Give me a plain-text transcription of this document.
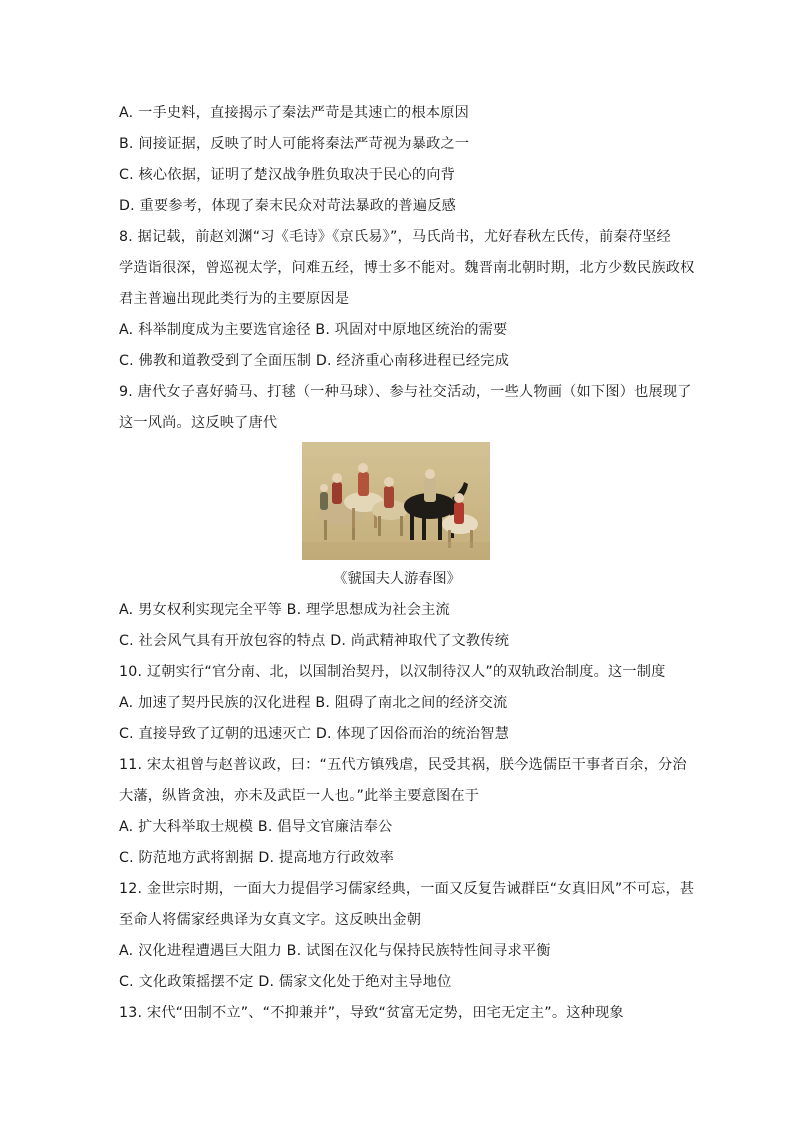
A. 一手史料，直接揭示了秦法严苛是其速亡的根本原因
B. 间接证据，反映了时人可能将秦法严苛视为暴政之一
C. 核心依据，证明了楚汉战争胜负取决于民心的向背
D. 重要参考，体现了秦末民众对苛法暴政的普遍反感
8. 据记载，前赵刘渊“习《毛诗》《京氏易》”，马氏尚书，尤好春秋左氏传，前秦苻坚经
学造诣很深，曾巡视太学，问难五经，博士多不能对。魏晋南北朝时期，北方少数民族政权
君主普遍出现此类行为的主要原因是
A. 科举制度成为主要选官途径 B. 巩固对中原地区统治的需要
C. 佛教和道教受到了全面压制 D. 经济重心南移进程已经完成
9. 唐代女子喜好骑马、打毬（一种马球）、参与社交活动，一些人物画（如下图）也展现了
这一风尚。这反映了唐代
《虢国夫人游春图》
A. 男女权利实现完全平等 B. 理学思想成为社会主流
C. 社会风气具有开放包容的特点 D. 尚武精神取代了文教传统
10. 辽朝实行“官分南、北，以国制治契丹，以汉制待汉人”的双轨政治制度。这一制度
A. 加速了契丹民族的汉化进程 B. 阻碍了南北之间的经济交流
C. 直接导致了辽朝的迅速灭亡 D. 体现了因俗而治的统治智慧
11. 宋太祖曾与赵普议政，曰：“五代方镇残虐，民受其祸，朕今选儒臣干事者百余，分治
大藩，纵皆贪浊，亦未及武臣一人也。”此举主要意图在于
A. 扩大科举取士规模 B. 倡导文官廉洁奉公
C. 防范地方武将割据 D. 提高地方行政效率
12. 金世宗时期，一面大力提倡学习儒家经典，一面又反复告诫群臣“女真旧风”不可忘，甚
至命人将儒家经典译为女真文字。这反映出金朝
A. 汉化进程遭遇巨大阻力 B. 试图在汉化与保持民族特性间寻求平衡
C. 文化政策摇摆不定 D. 儒家文化处于绝对主导地位
13. 宋代“田制不立”、“不抑兼并”，导致“贫富无定势，田宅无定主”。这种现象
